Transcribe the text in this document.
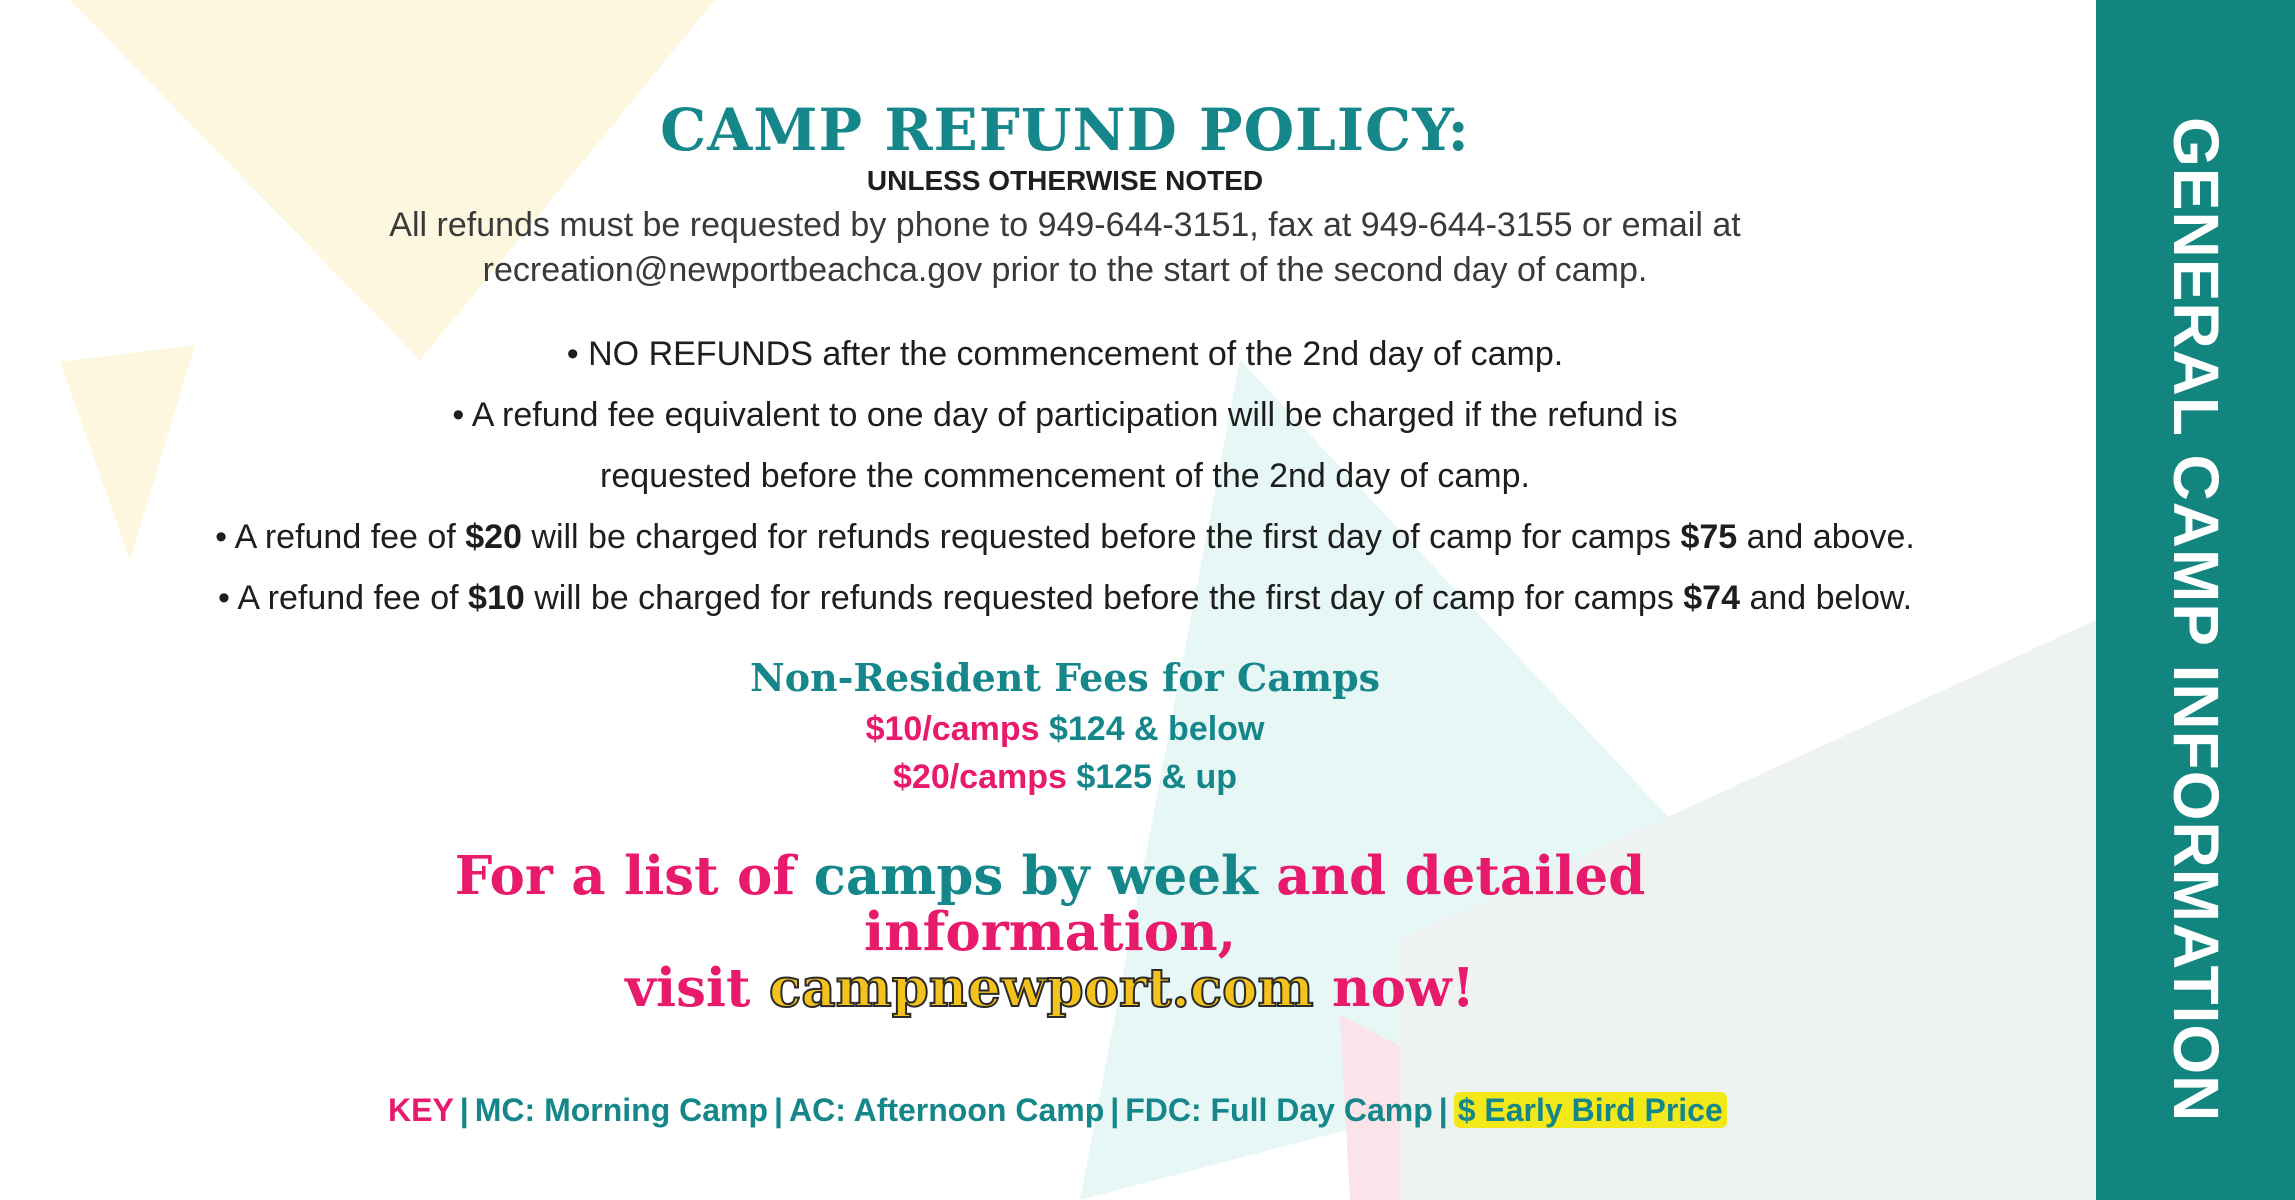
GENERAL CAMP INFORMATION
CAMP REFUND POLICY:
UNLESS OTHERWISE NOTED
All refunds must be requested by phone to 949-644-3151, fax at 949-644-3155 or email at
recreation@newportbeachca.gov prior to the start of the second day of camp.
• NO REFUNDS after the commencement of the 2nd day of camp.
• A refund fee equivalent to one day of participation will be charged if the refund is
requested before the commencement of the 2nd day of camp.
• A refund fee of $20 will be charged for refunds requested before the first day of camp for camps $75 and above.
• A refund fee of $10 will be charged for refunds requested before the first day of camp for camps $74 and below.
Non-Resident Fees for Camps
$10/camps $124 & below
$20/camps $125 & up
For a list of camps by week and detailed
information,
visit campnewport.com now!
KEY | MC: Morning Camp | AC: Afternoon Camp | FDC: Full Day Camp | $ Early Bird Price
